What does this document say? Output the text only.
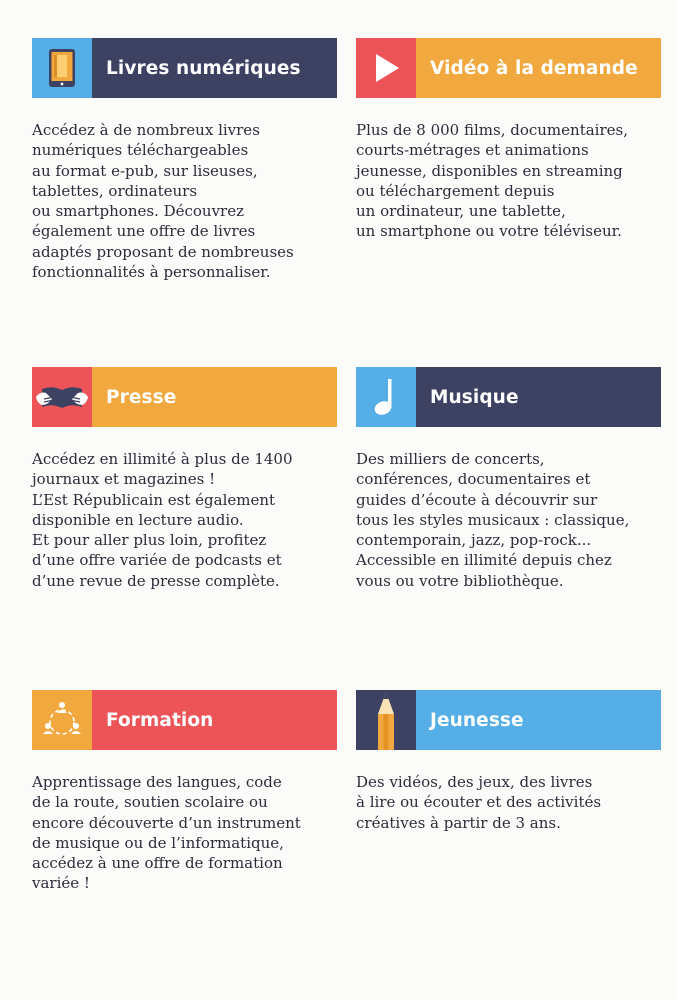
Livres numériques
Accédez à de nombreux livres
numériques téléchargeables
au format e-pub, sur liseuses,
tablettes, ordinateurs
ou smartphones. Découvrez
également une offre de livres
adaptés proposant de nombreuses
fonctionnalités à personnaliser.
Vidéo à la demande
Plus de 8 000 films, documentaires,
courts-métrages et animations
jeunesse, disponibles en streaming
ou téléchargement depuis
un ordinateur, une tablette,
un smartphone ou votre téléviseur.
Presse
Accédez en illimité à plus de 1400
journaux et magazines !
L’Est Républicain est également
disponible en lecture audio.
Et pour aller plus loin, profitez
d’une offre variée de podcasts et
d’une revue de presse complète.
Musique
Des milliers de concerts,
conférences, documentaires et
guides d’écoute à découvrir sur
tous les styles musicaux : classique,
contemporain, jazz, pop-rock...
Accessible en illimité depuis chez
vous ou votre bibliothèque.
Formation
Apprentissage des langues, code
de la route, soutien scolaire ou
encore découverte d’un instrument
de musique ou de l’informatique,
accédez à une offre de formation
variée !
Jeunesse
Des vidéos, des jeux, des livres
à lire ou écouter et des activités
créatives à partir de 3 ans.
